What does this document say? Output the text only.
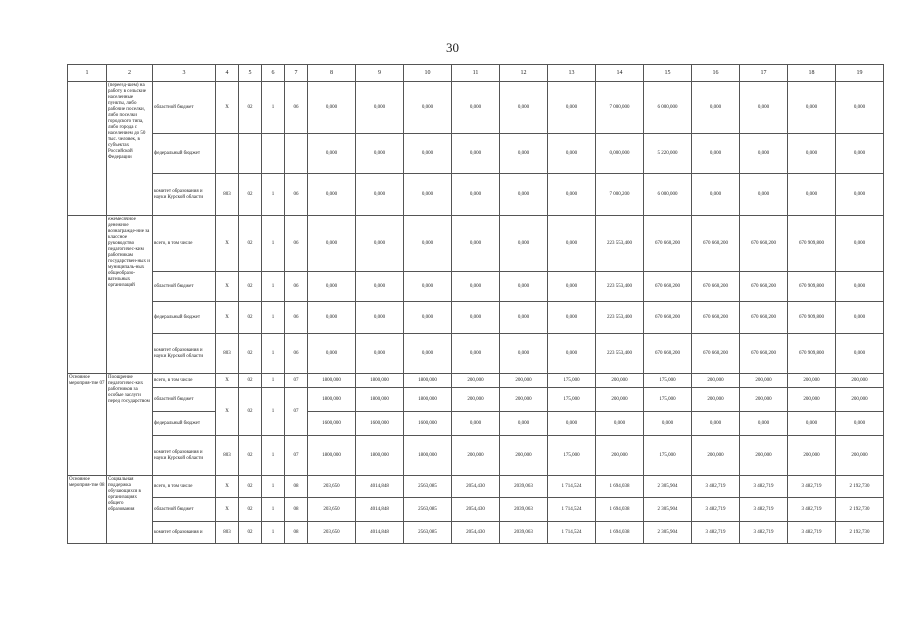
30
1	2	3	4	5	6	7	8	9	10	11	12	13	14	15	16	17	18	19
	(переезд-шем) на работу в сельские населенные пункты, либо рабочие поселки, либо поселки городского типа, либо города с населением до 50 тыс. человек, в субъектах Российской Федерации	областной бюджет	X	02	1	06	0,000	0,000	0,000	0,000	0,000	0,000	7 000,000	6 000,000	0,000	0,000	0,000	0,000
		федеральный бюджет					0,000	0,000	0,000	0,000	0,000	0,000	0,000,000	5 220,000	0,000	0,000	0,000	0,000
		комитет образования и науки Курской области	803	02	1	06	0,000	0,000	0,000	0,000	0,000	0,000	7 000,200	6 000,000	0,000	0,000	0,000	0,000
	ежемесячное денежное вознагражде-ние за классное руководство педагогичес-ким работникам государствен-ных и муниципаль-ных общеобразо-вательных организаций	всего, в том числе	X	02	1	06	0,000	0,000	0,000	0,000	0,000	0,000	223 553,400	670 660,200	670 660,200	670 660,200	670 909,800	0,000
		областной бюджет	X	02	1	06	0,000	0,000	0,000	0,000	0,000	0,000	223 553,400	670 660,200	670 660,200	670 660,200	670 909,800	0,000
		федеральный бюджет	X	02	1	06	0,000	0,000	0,000	0,000	0,000	0,000	223 553,400	670 660,200	670 660,200	670 660,200	670 909,800	0,000
		комитет образования и науки Курской области	803	02	1	06	0,000	0,000	0,000	0,000	0,000	0,000	223 553,400	670 660,200	670 660,200	670 660,200	670 909,800	0,000
Основное мероприя-тие 07	Поощрение педагогичес-ких работников за особые заслуги перед государством	всего, в том числе	X	02	1	07	1800,000	1800,000	1800,000	200,000	200,000	175,000	200,000	175,000	200,000	200,000	200,000	200,000
		областной бюджет	X	02	1	07	1800,000	1800,000	1800,000	200,000	200,000	175,000	200,000	175,000	200,000	200,000	200,000	200,000
		федеральный бюджет					1600,000	1600,000	1600,000	0,000	0,000	0,000	0,000	0,000	0,000	0,000	0,000	0,000
		комитет образования и науки Курской области	803	02	1	07	1800,000	1800,000	1800,000	200,000	200,000	175,000	200,000	175,000	200,000	200,000	200,000	200,000
Основное мероприя-тие 08	Социальная поддержка обучающихся в организациях общего образования	всего, в том числе	X	02	1	08	203,650	4014,848	2563,085	2054,430	2039,063	1 714,524	1 694,038	2 305,904	3 482,719	3 482,719	3 482,719	2 192,730
		областной бюджет	X	02	1	08	203,650	4014,848	2563,085	2054,430	2039,063	1 714,524	1 694,038	2 305,904	3 482,719	3 482,719	3 482,719	2 192,730
		комитет образования и	803	02	1	08	203,650	4014,848	2563,085	2054,430	2039,063	1 714,524	1 694,038	2 305,904	3 482,719	3 482,719	3 482,719	2 192,730
